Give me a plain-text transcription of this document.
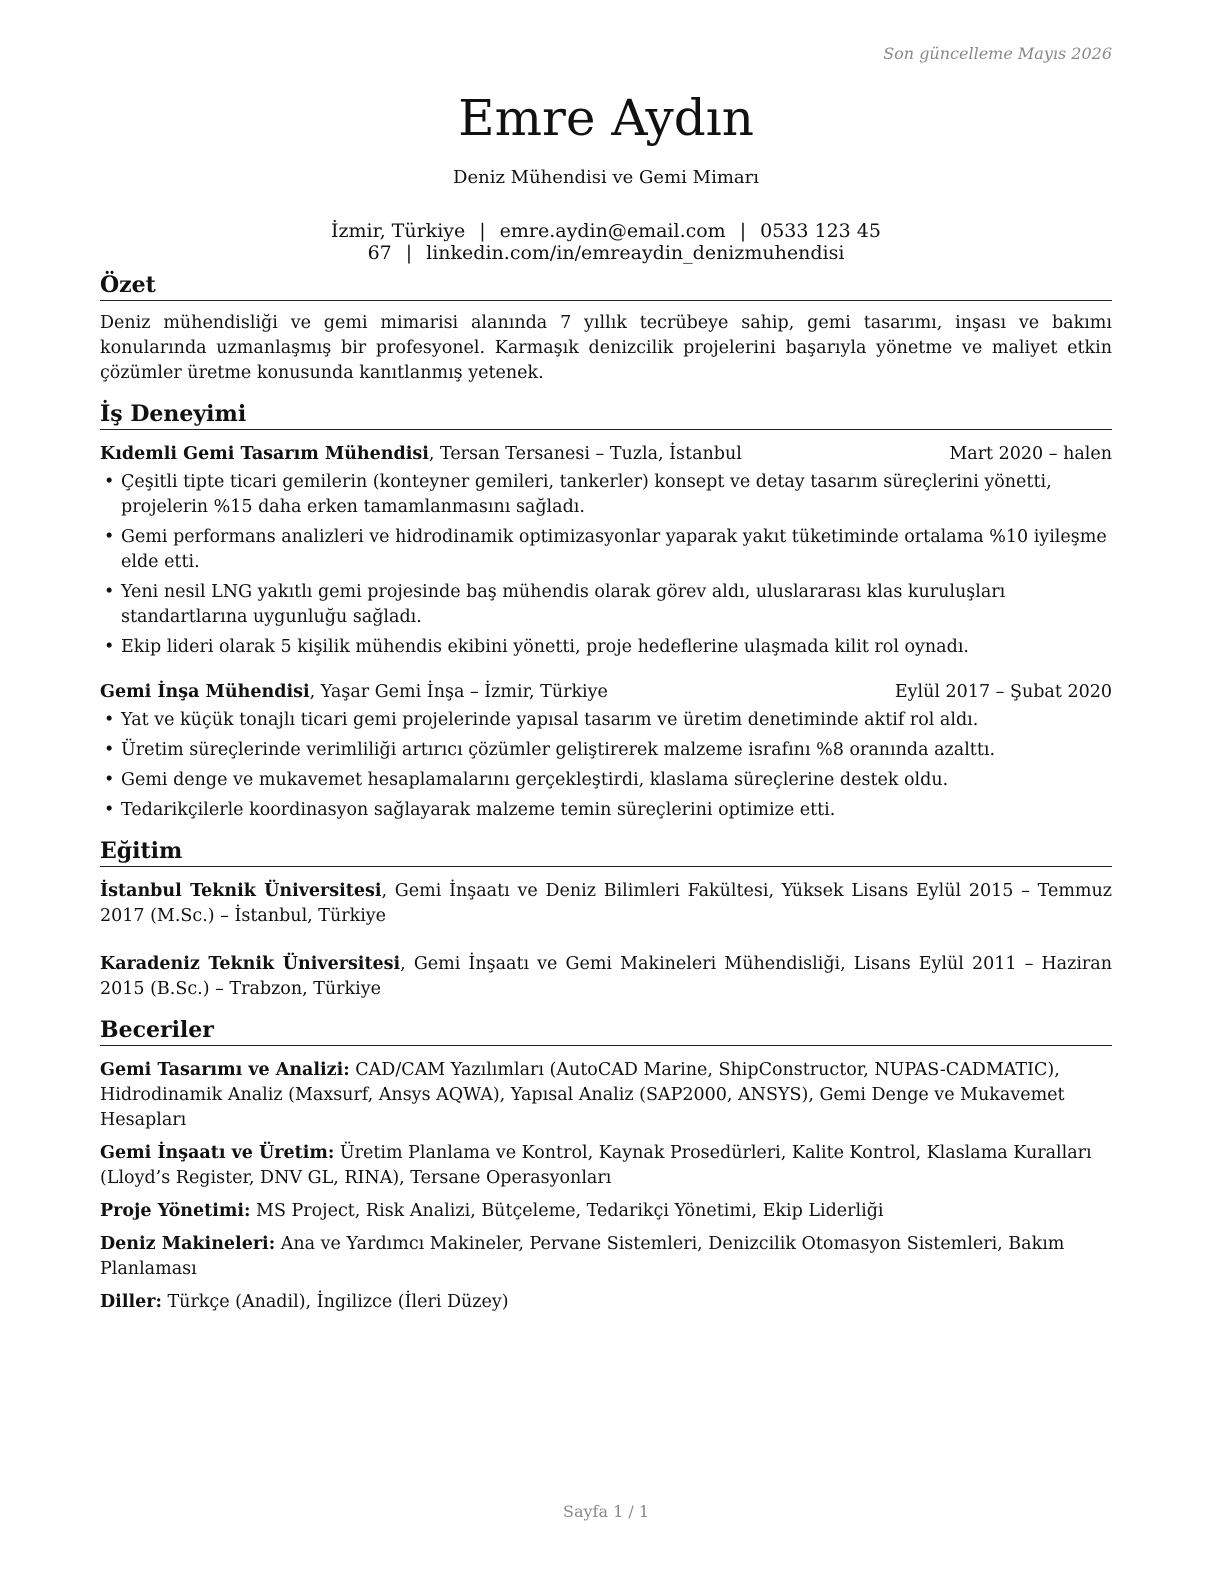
Son güncelleme Mayıs 2026
Emre Aydın
Deniz Mühendisi ve Gemi Mimarı
İzmir, Türkiye | emre.aydin@email.com | 0533 123 45 67 | linkedin.com/in/emreaydin_denizmuhendisi
Özet

Deniz mühendisliği ve gemi mimarisi alanında 7 yıllık tecrübeye sahip, gemi tasarımı, inşası ve bakımı konularında uzmanlaşmış bir profesyonel. Karmaşık denizcilik projelerini başarıyla yönetme ve maliyet etkin çözümler üretme konusunda kanıtlanmış yetenek.

İş Deneyimi
Kıdemli Gemi Tasarım Mühendisi, Tersan Tersanesi – Tuzla, İstanbul	Mart 2020 – halen
• Çeşitli tipte ticari gemilerin (konteyner gemileri, tankerler) konsept ve detay tasarım süreçlerini yönetti, projelerin %15 daha erken tamamlanmasını sağladı.
• Gemi performans analizleri ve hidrodinamik optimizasyonlar yaparak yakıt tüketiminde ortalama %10 iyileşme elde etti.
• Yeni nesil LNG yakıtlı gemi projesinde baş mühendis olarak görev aldı, uluslararası klas kuruluşları standartlarına uygunluğu sağladı.
• Ekip lideri olarak 5 kişilik mühendis ekibini yönetti, proje hedeflerine ulaşmada kilit rol oynadı.
Gemi İnşa Mühendisi, Yaşar Gemi İnşa – İzmir, Türkiye	Eylül 2017 – Şubat 2020
• Yat ve küçük tonajlı ticari gemi projelerinde yapısal tasarım ve üretim denetiminde aktif rol aldı.
• Üretim süreçlerinde verimliliği artırıcı çözümler geliştirerek malzeme israfını %8 oranında azalttı.
• Gemi denge ve mukavemet hesaplamalarını gerçekleştirdi, klaslama süreçlerine destek oldu.
• Tedarikçilerle koordinasyon sağlayarak malzeme temin süreçlerini optimize etti.
Eğitim
İstanbul Teknik Üniversitesi, Gemi İnşaatı ve Deniz Bilimleri Fakültesi, Yüksek Lisans Eylül 2015 – Temmuz 2017 (M.Sc.) – İstanbul, Türkiye
Karadeniz Teknik Üniversitesi, Gemi İnşaatı ve Gemi Makineleri Mühendisliği, Lisans Eylül 2011 – Haziran 2015 (B.Sc.) – Trabzon, Türkiye
Beceriler
Gemi Tasarımı ve Analizi: CAD/CAM Yazılımları (AutoCAD Marine, ShipConstructor, NUPAS-CADMATIC), Hidrodinamik Analiz (Maxsurf, Ansys AQWA), Yapısal Analiz (SAP2000, ANSYS), Gemi Denge ve Mukavemet Hesapları
Gemi İnşaatı ve Üretim: Üretim Planlama ve Kontrol, Kaynak Prosedürleri, Kalite Kontrol, Klaslama Kuralları (Lloyd’s Register, DNV GL, RINA), Tersane Operasyonları
Proje Yönetimi: MS Project, Risk Analizi, Bütçeleme, Tedarikçi Yönetimi, Ekip Liderliği
Deniz Makineleri: Ana ve Yardımcı Makineler, Pervane Sistemleri, Denizcilik Otomasyon Sistemleri, Bakım Planlaması
Diller: Türkçe (Anadil), İngilizce (İleri Düzey)
Sayfa 1 / 1
